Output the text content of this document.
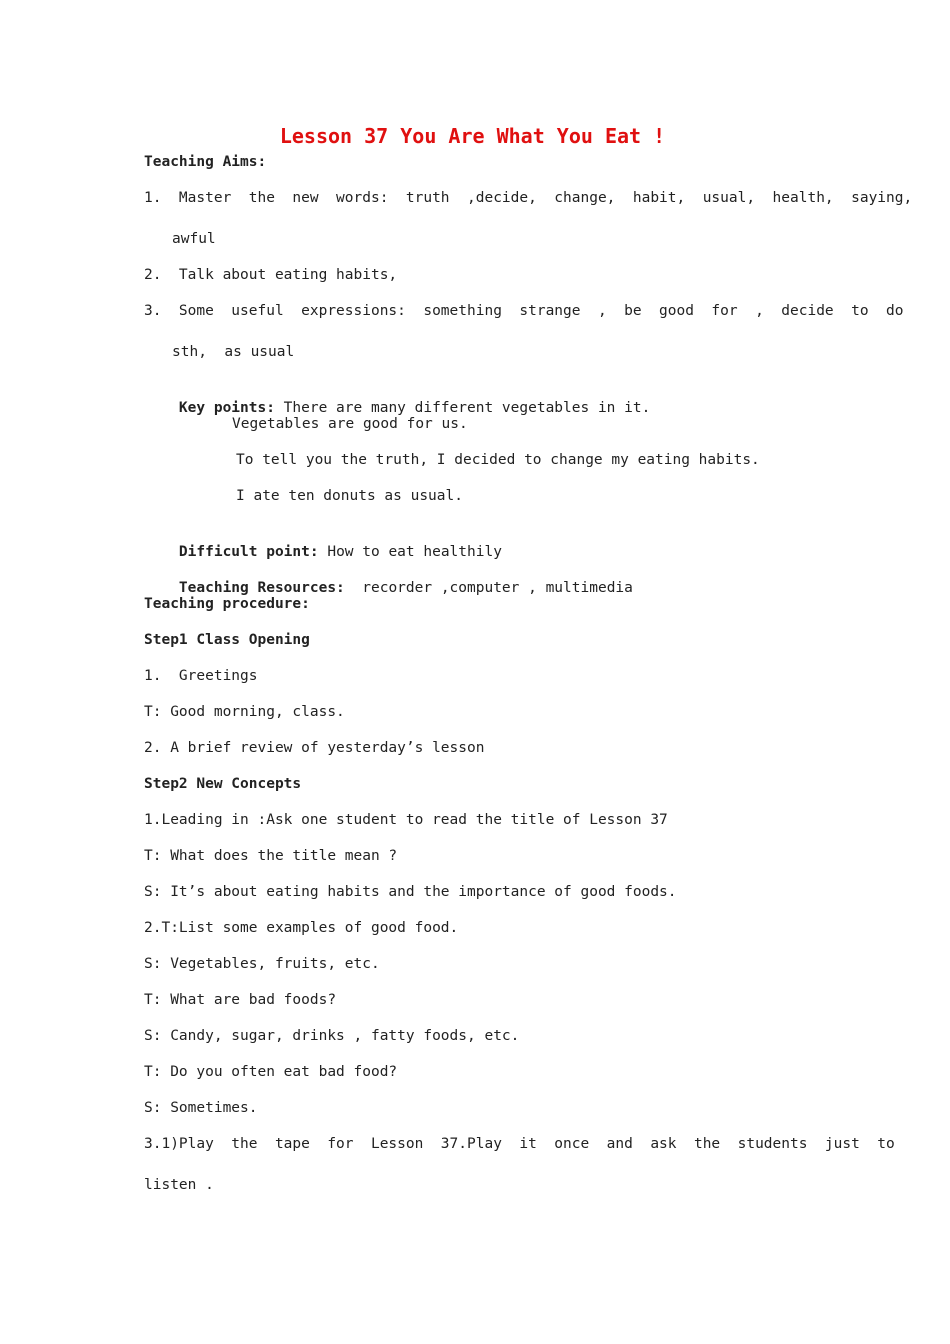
Lesson 37 You Are What You Eat !
Teaching Aims:
1.  Master  the  new  words:  truth  ,decide,  change,  habit,  usual,  health,  saying,
awful
2.  Talk about eating habits,
3.  Some  useful  expressions:  something  strange  ,  be  good  for  ,  decide  to  do
sth,  as usual

Key points: There are many different vegetables in it.

Vegetables are good for us.
To tell you the truth, I decided to change my eating habits.
I ate ten donuts as usual.

Difficult point: How to eat healthily

Teaching Resources:  recorder ,computer , multimedia

Teaching procedure:
Step1 Class Opening
1.  Greetings
T: Good morning, class.
2. A brief review of yesterday’s lesson
Step2 New Concepts
1.Leading in :Ask one student to read the title of Lesson 37
T: What does the title mean ?
S: It’s about eating habits and the importance of good foods.
2.T:List some examples of good food.
S: Vegetables, fruits, etc.
T: What are bad foods?
S: Candy, sugar, drinks , fatty foods, etc.
T: Do you often eat bad food?
S: Sometimes.
3.1)Play  the  tape  for  Lesson  37.Play  it  once  and  ask  the  students  just  to
listen .
